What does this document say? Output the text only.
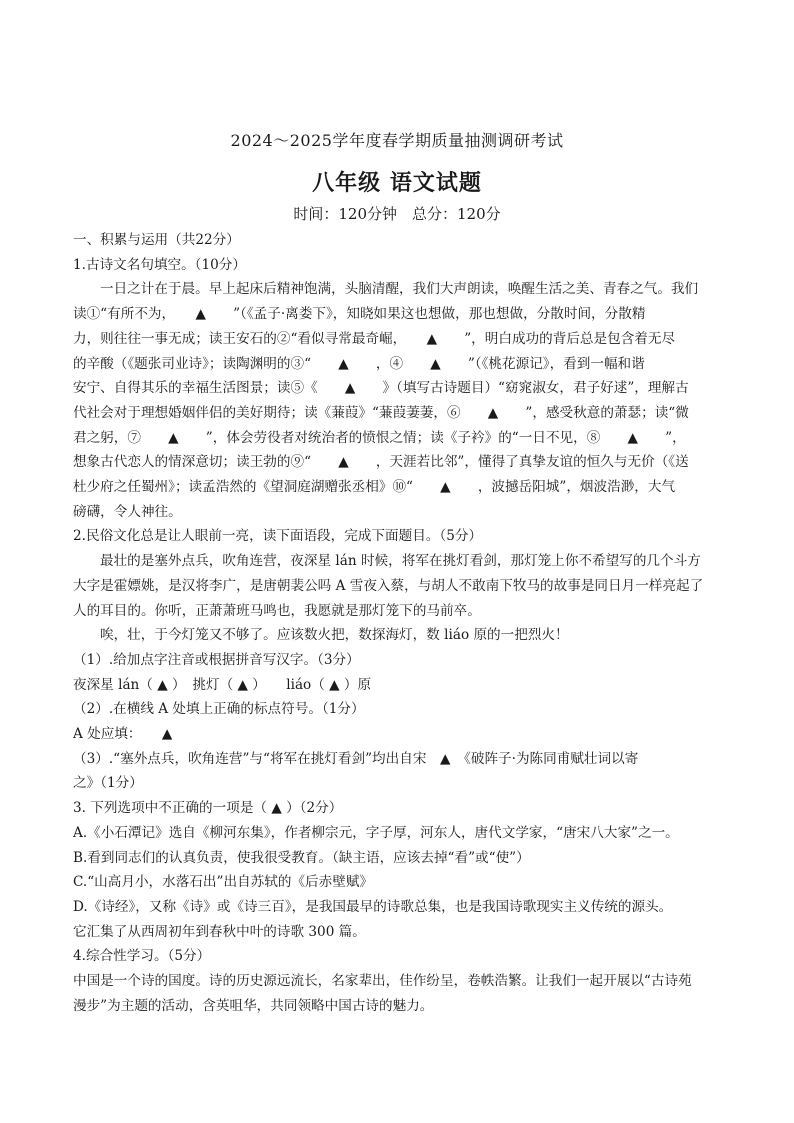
2024～2025学年度春学期质量抽测调研考试
八年级 语文试题
时间：120分钟　总分：120分

一、积累与运用（共22分）

1.古诗文名句填空。（10分）

一日之计在于晨。早上起床后精神饱满，头脑清醒，我们大声朗读，唤醒生活之美、青春之气。我们

读①“有所不为，　　▲　　”（《孟子·离娄下》，知晓如果这也想做，那也想做，分散时间，分散精

力，则往往一事无成；读王安石的②“看似寻常最奇崛，　　▲　　”，明白成功的背后总是包含着无尽

的辛酸（《题张司业诗》；读陶渊明的③“　　▲　　，④　　▲　　”（《桃花源记》，看到一幅和谐

安宁、自得其乐的幸福生活图景；读⑤《　　▲　　》（填写古诗题目）“窈窕淑女，君子好逑”，理解古

代社会对于理想婚姻伴侣的美好期待；读《蒹葭》“蒹葭萋萋，⑥　　▲　　”，感受秋意的萧瑟；读“微

君之躬，⑦　　▲　　”，体会劳役者对统治者的愤恨之情；读《子衿》的“一日不见，⑧　　▲　　”，

想象古代恋人的情深意切；读王勃的⑨“　　▲　　，天涯若比邻”，懂得了真挚友谊的恒久与无价（《送

杜少府之任蜀州》；读孟浩然的《望洞庭湖赠张丞相》⑩“　　▲　　，波撼岳阳城”，烟波浩渺，大气

磅礴，令人神往。

2.民俗文化总是让人眼前一亮，读下面语段，完成下面题目。（5分）

最壮的是塞外点兵，吹角连营，夜深星 lán 时候，将军在挑灯看剑，那灯笼上你不希望写的几个斗方

大字是霍嫖姚，是汉将李广，是唐朝裴公吗 A 雪夜入蔡，与胡人不敢南下牧马的故事是同日月一样亮起了

人的耳目的。你听，正萧萧班马鸣也，我愿就是那灯笼下的马前卒。

唉，壮，于今灯笼又不够了。应该数火把，数探海灯，数 liáo 原的一把烈火！

（1）.给加点字注音或根据拼音写汉字。（3分）

夜深星 lán（ ▲ ）　挑灯（ ▲ ）　　liáo（ ▲ ）原

（2）.在横线 A 处填上正确的标点符号。（1分）

A 处应填：　　▲　　

（3）.“塞外点兵，吹角连营”与“将军在挑灯看剑”均出自宋　▲　《破阵子·为陈同甫赋壮词以寄

之》（1分）

3. 下列选项中不正确的一项是（ ▲ ）（2分）

A.《小石潭记》选自《柳河东集》，作者柳宗元，字子厚，河东人，唐代文学家，“唐宋八大家”之一。

B.看到同志们的认真负责，使我很受教育。（缺主语，应该去掉“看”或“使”）

C.“山高月小，水落石出”出自苏轼的《后赤壁赋》

D.《诗经》，又称《诗》或《诗三百》，是我国最早的诗歌总集，也是我国诗歌现实主义传统的源头。

它汇集了从西周初年到春秋中叶的诗歌 300 篇。

4.综合性学习。（5分）

中国是一个诗的国度。诗的历史源远流长，名家辈出，佳作纷呈，卷帙浩繁。让我们一起开展以“古诗苑

漫步”为主题的活动，含英咀华，共同领略中国古诗的魅力。
